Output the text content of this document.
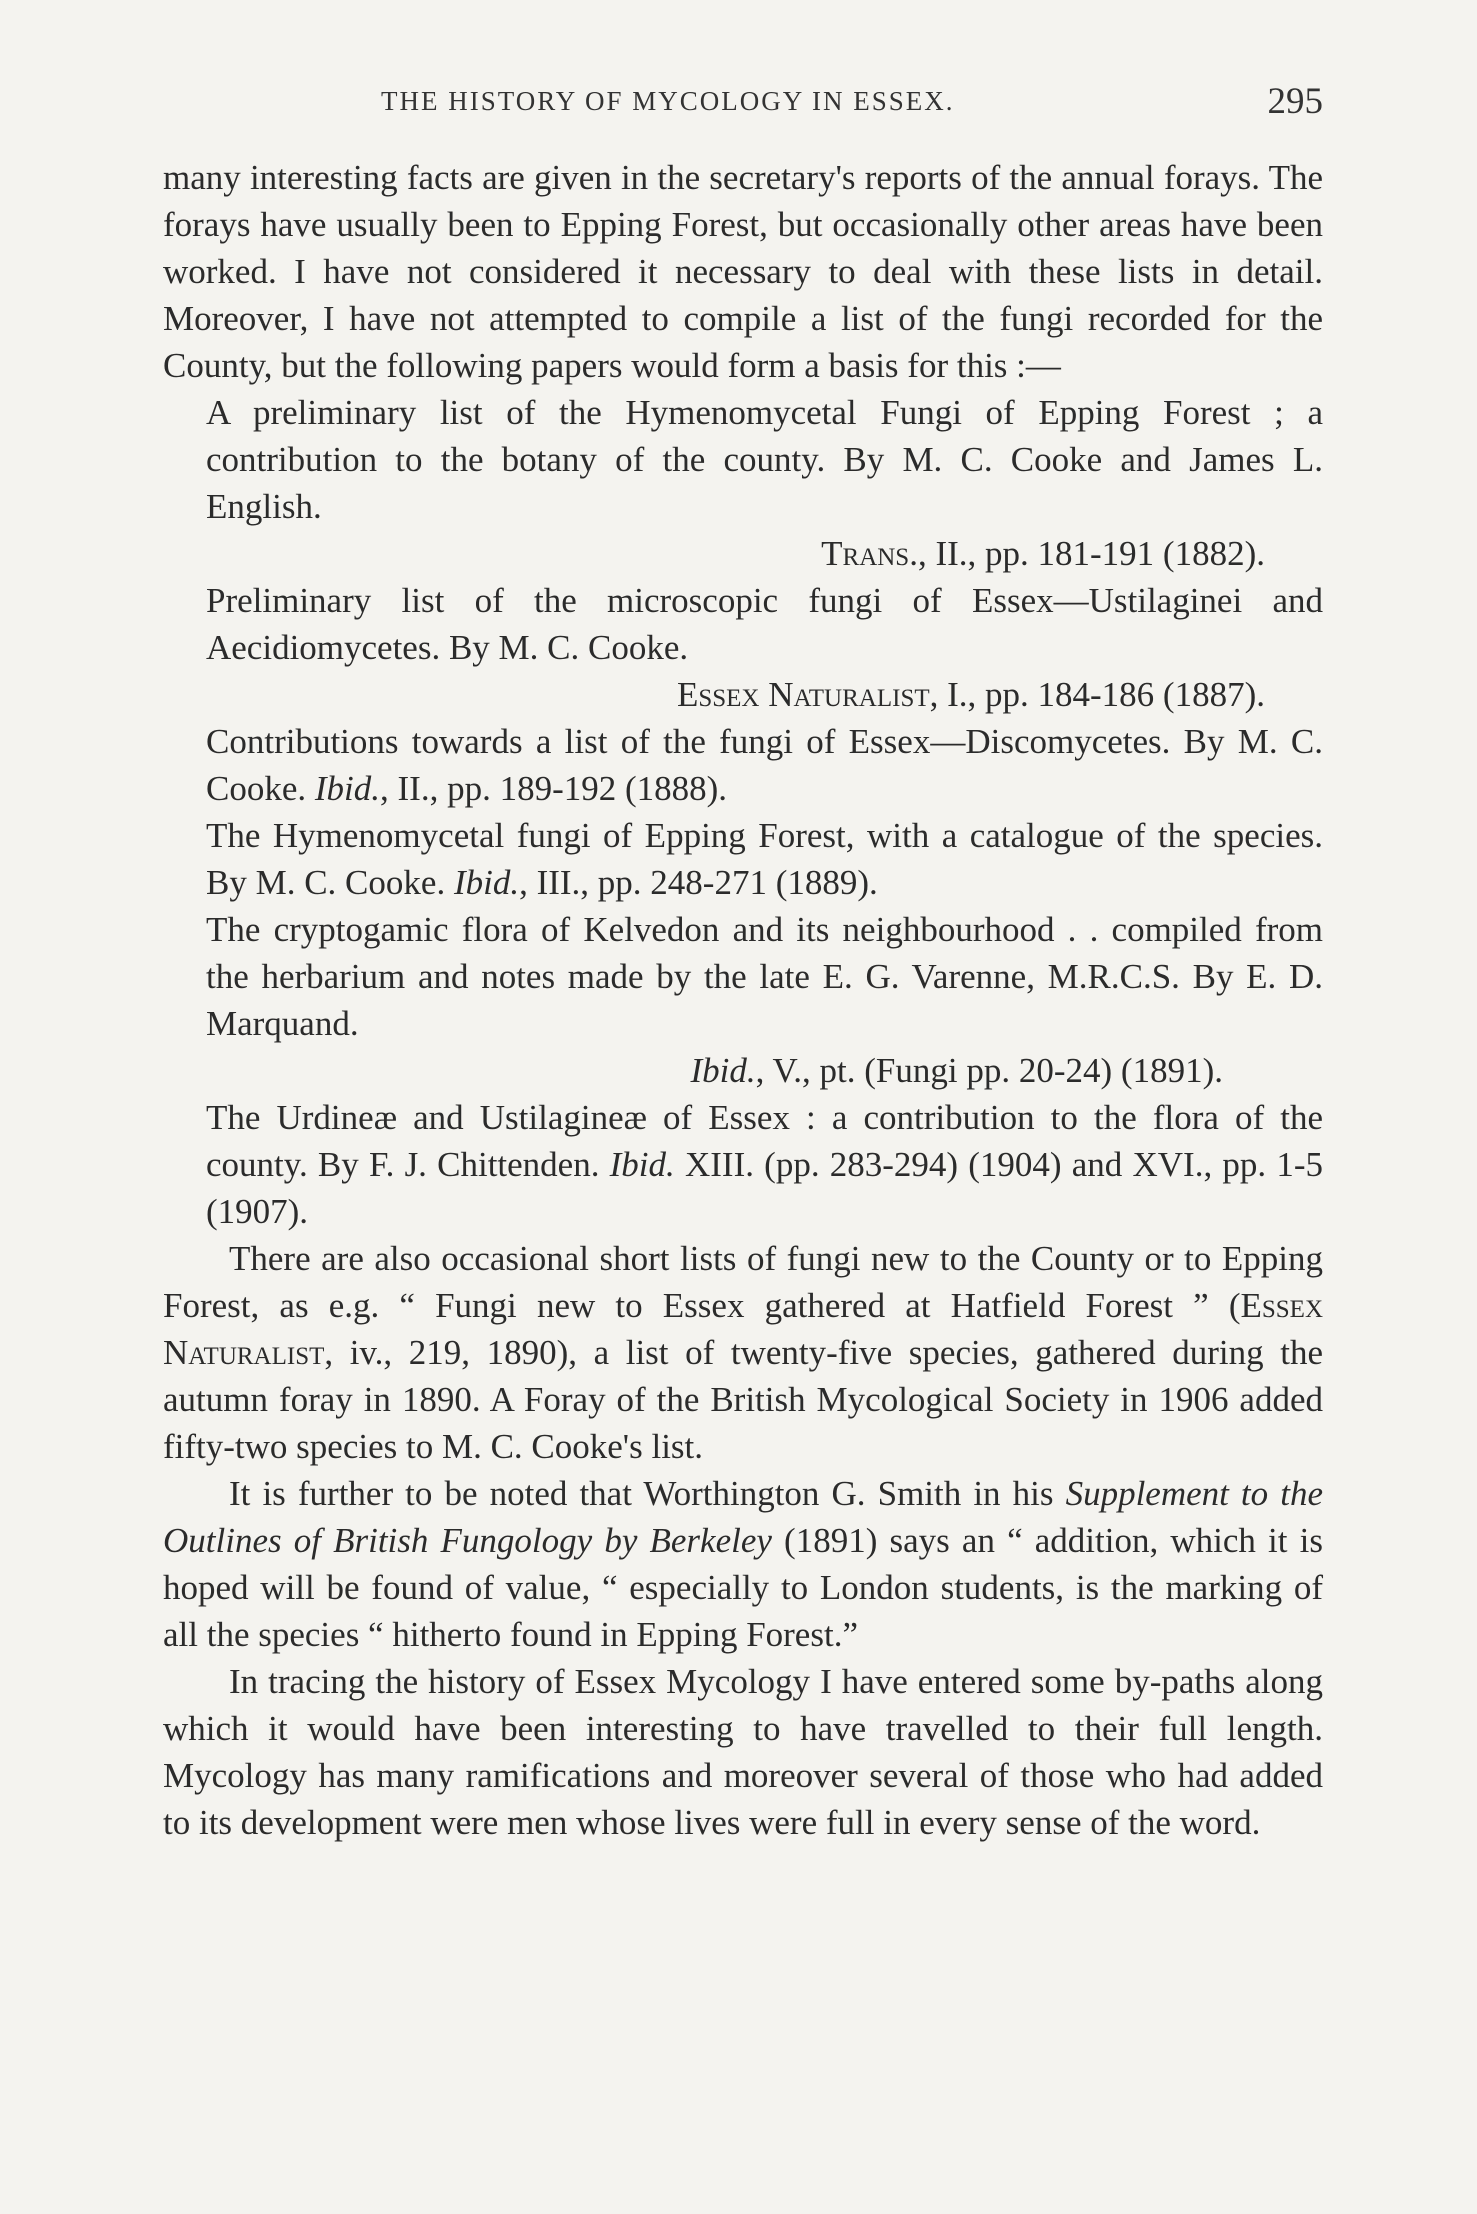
THE HISTORY OF MYCOLOGY IN ESSEX.	295

many interesting facts are given in the secretary's reports of the annual forays. The forays have usually been to Epping Forest, but occasionally other areas have been worked. I have not considered it necessary to deal with these lists in detail. Moreover, I have not attempted to compile a list of the fungi recorded for the County, but the following papers would form a basis for this :—

A preliminary list of the Hymenomycetal Fungi of Epping Forest ; a contribution to the botany of the county. By M. C. Cooke and James L. English.
Trans., II., pp. 181-191 (1882).
Preliminary list of the microscopic fungi of Essex—Ustilaginei and Aecidiomycetes. By M. C. Cooke.
Essex Naturalist, I., pp. 184-186 (1887).
Contributions towards a list of the fungi of Essex—Discomycetes. By M. C. Cooke. Ibid., II., pp. 189-192 (1888).
The Hymenomycetal fungi of Epping Forest, with a catalogue of the species. By M. C. Cooke. Ibid., III., pp. 248-271 (1889).
The cryptogamic flora of Kelvedon and its neighbourhood . . compiled from the herbarium and notes made by the late E. G. Varenne, M.R.C.S. By E. D. Marquand.
Ibid., V., pt. (Fungi pp. 20-24) (1891).
The Urdineæ and Ustilagineæ of Essex : a contribution to the flora of the county. By F. J. Chittenden. Ibid. XIII. (pp. 283-294) (1904) and XVI., pp. 1-5 (1907).

There are also occasional short lists of fungi new to the County or to Epping Forest, as e.g. “ Fungi new to Essex gathered at Hatfield Forest ” (Essex Naturalist, iv., 219, 1890), a list of twenty-five species, gathered during the autumn foray in 1890. A Foray of the British Mycological Society in 1906 added fifty-two species to M. C. Cooke's list.

It is further to be noted that Worthington G. Smith in his Supplement to the Outlines of British Fungology by Berkeley (1891) says an “ addition, which it is hoped will be found of value, “ especially to London students, is the marking of all the species “ hitherto found in Epping Forest.”

In tracing the history of Essex Mycology I have entered some by-paths along which it would have been interesting to have travelled to their full length. Mycology has many ramifications and moreover several of those who had added to its development were men whose lives were full in every sense of the word.
